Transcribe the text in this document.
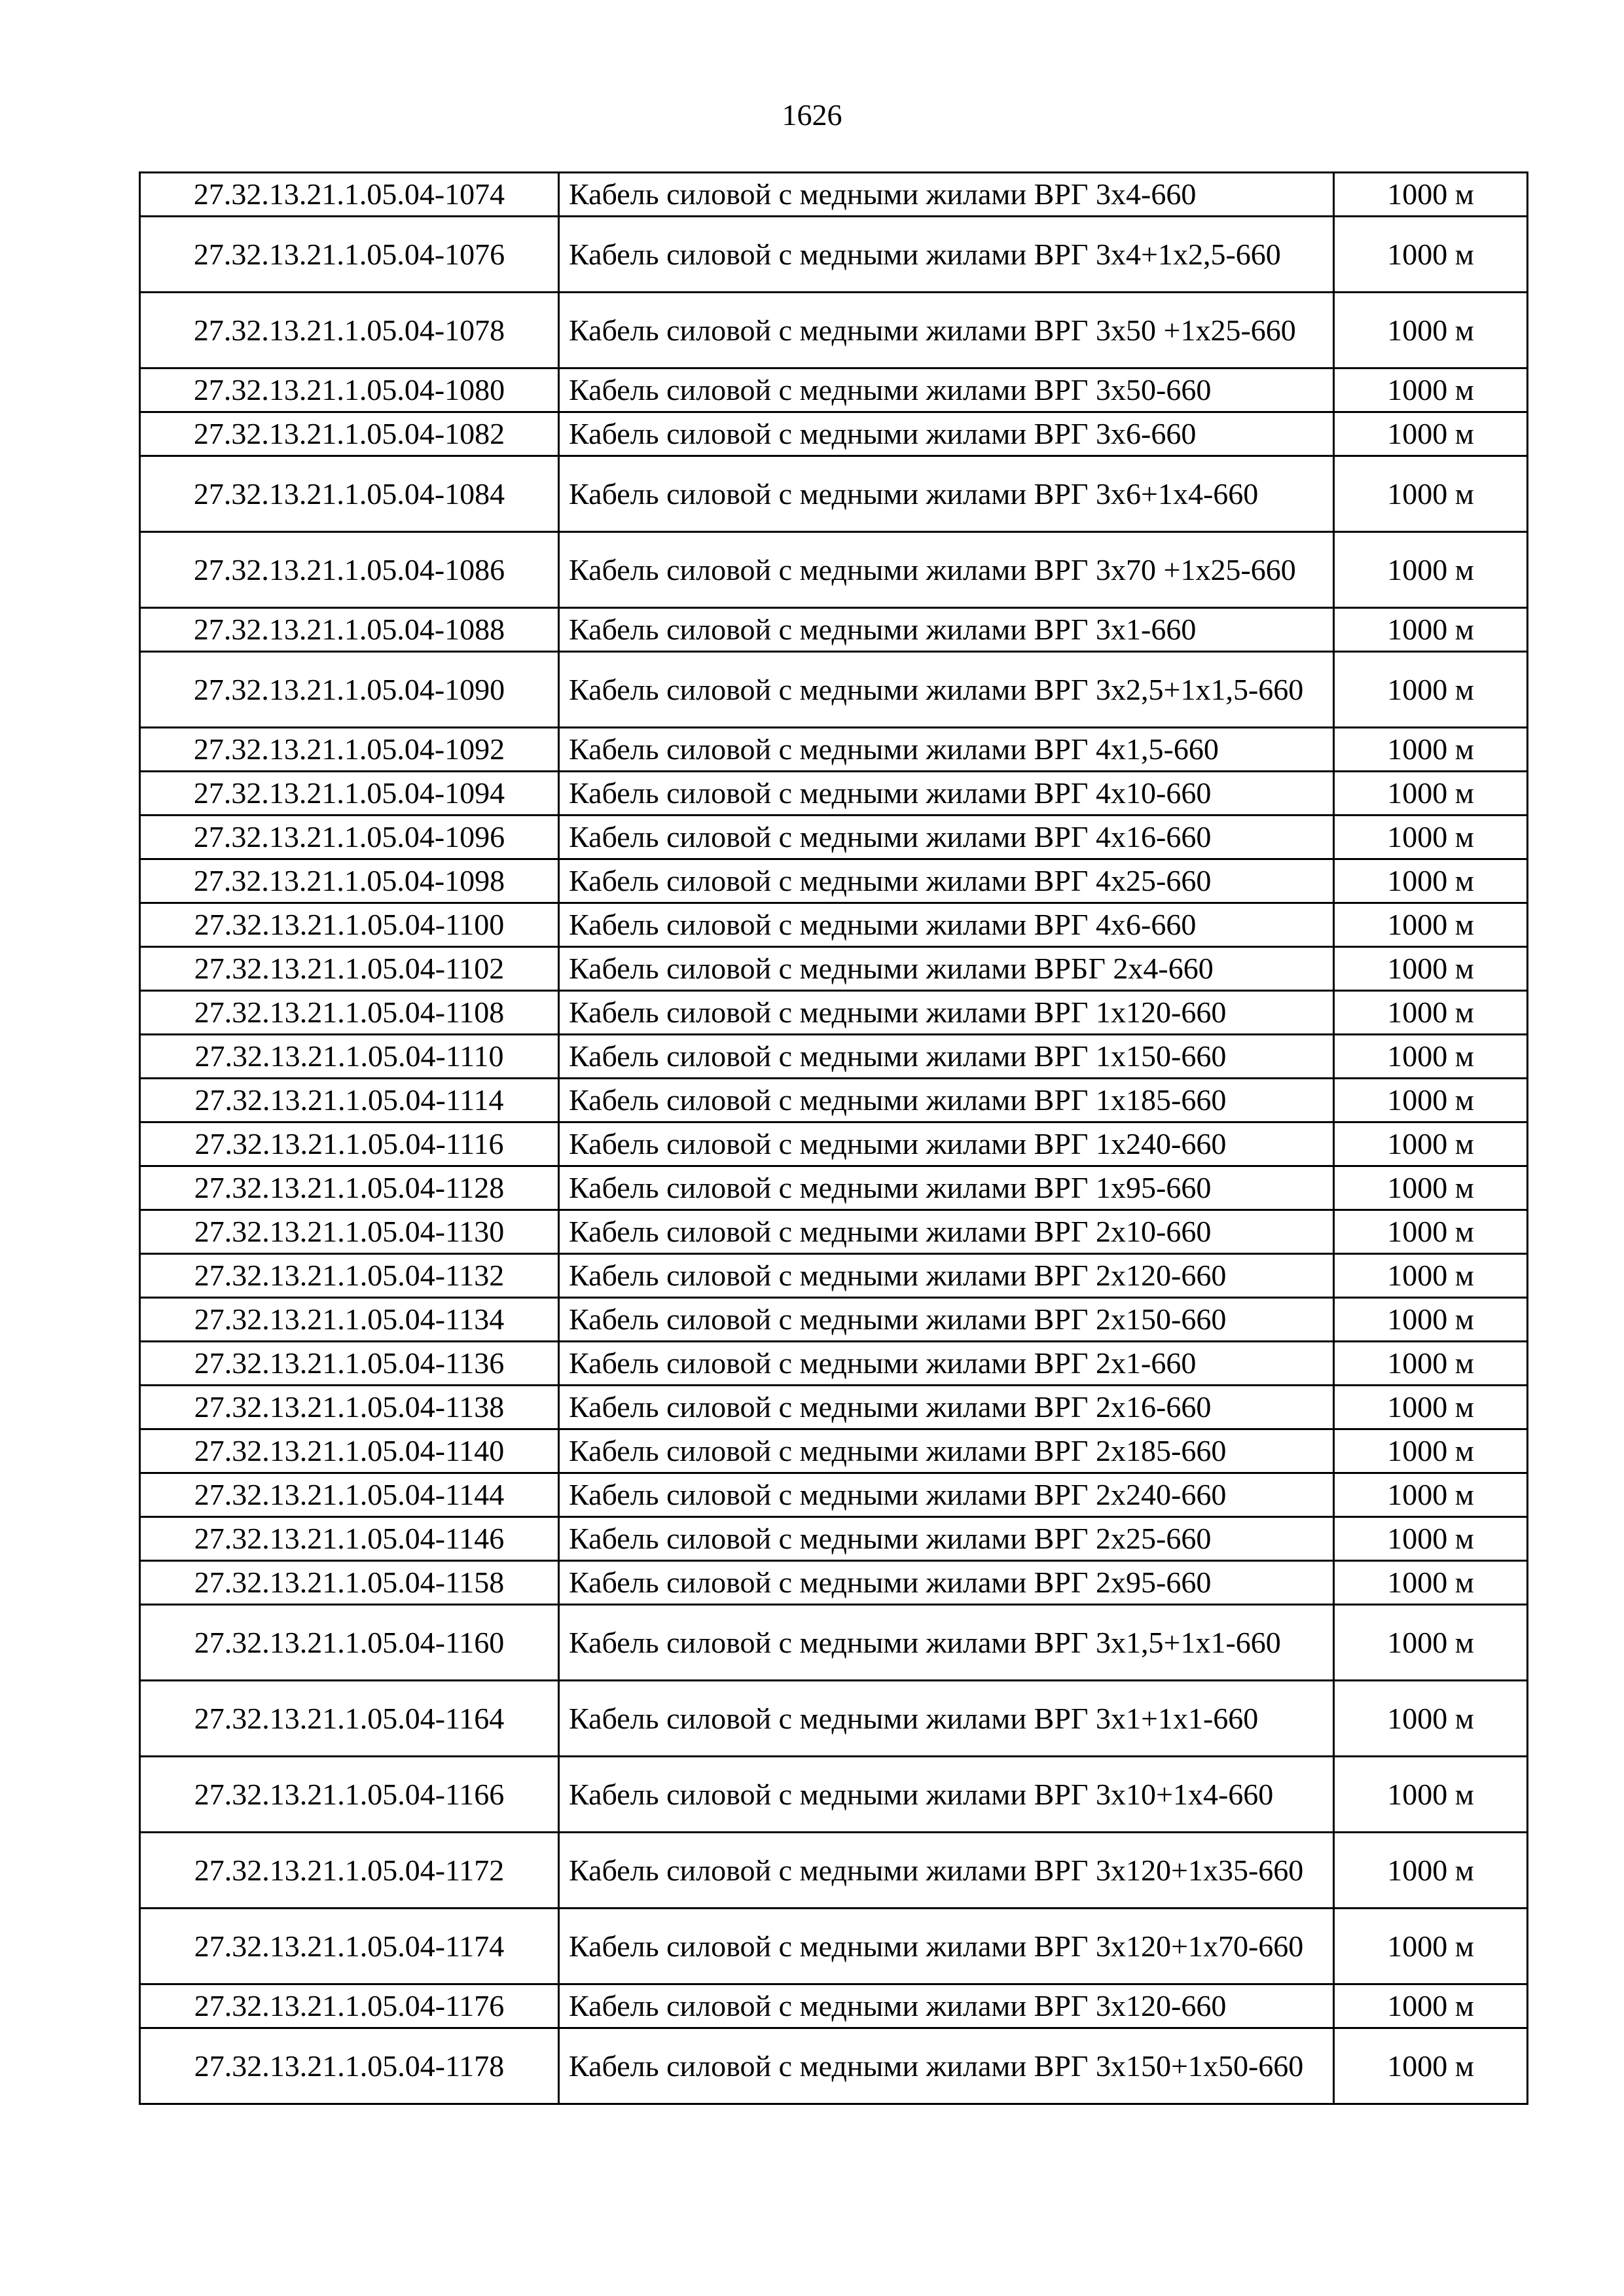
1626
27.32.13.21.1.05.04-1074	Кабель силовой с медными жилами ВРГ 3х4-660	1000 м
27.32.13.21.1.05.04-1076	Кабель силовой с медными жилами ВРГ 3х4+1х2,5-660	1000 м
27.32.13.21.1.05.04-1078	Кабель силовой с медными жилами ВРГ 3х50 +1х25-660	1000 м
27.32.13.21.1.05.04-1080	Кабель силовой с медными жилами ВРГ 3х50-660	1000 м
27.32.13.21.1.05.04-1082	Кабель силовой с медными жилами ВРГ 3х6-660	1000 м
27.32.13.21.1.05.04-1084	Кабель силовой с медными жилами ВРГ 3х6+1х4-660	1000 м
27.32.13.21.1.05.04-1086	Кабель силовой с медными жилами ВРГ 3х70 +1х25-660	1000 м
27.32.13.21.1.05.04-1088	Кабель силовой с медными жилами ВРГ 3х1-660	1000 м
27.32.13.21.1.05.04-1090	Кабель силовой с медными жилами ВРГ 3х2,5+1х1,5-660	1000 м
27.32.13.21.1.05.04-1092	Кабель силовой с медными жилами ВРГ 4х1,5-660	1000 м
27.32.13.21.1.05.04-1094	Кабель силовой с медными жилами ВРГ 4х10-660	1000 м
27.32.13.21.1.05.04-1096	Кабель силовой с медными жилами ВРГ 4х16-660	1000 м
27.32.13.21.1.05.04-1098	Кабель силовой с медными жилами ВРГ 4х25-660	1000 м
27.32.13.21.1.05.04-1100	Кабель силовой с медными жилами ВРГ 4х6-660	1000 м
27.32.13.21.1.05.04-1102	Кабель силовой с медными жилами ВРБГ 2х4-660	1000 м
27.32.13.21.1.05.04-1108	Кабель силовой с медными жилами ВРГ 1х120-660	1000 м
27.32.13.21.1.05.04-1110	Кабель силовой с медными жилами ВРГ 1х150-660	1000 м
27.32.13.21.1.05.04-1114	Кабель силовой с медными жилами ВРГ 1х185-660	1000 м
27.32.13.21.1.05.04-1116	Кабель силовой с медными жилами ВРГ 1х240-660	1000 м
27.32.13.21.1.05.04-1128	Кабель силовой с медными жилами ВРГ 1х95-660	1000 м
27.32.13.21.1.05.04-1130	Кабель силовой с медными жилами ВРГ 2х10-660	1000 м
27.32.13.21.1.05.04-1132	Кабель силовой с медными жилами ВРГ 2х120-660	1000 м
27.32.13.21.1.05.04-1134	Кабель силовой с медными жилами ВРГ 2х150-660	1000 м
27.32.13.21.1.05.04-1136	Кабель силовой с медными жилами ВРГ 2х1-660	1000 м
27.32.13.21.1.05.04-1138	Кабель силовой с медными жилами ВРГ 2х16-660	1000 м
27.32.13.21.1.05.04-1140	Кабель силовой с медными жилами ВРГ 2х185-660	1000 м
27.32.13.21.1.05.04-1144	Кабель силовой с медными жилами ВРГ 2х240-660	1000 м
27.32.13.21.1.05.04-1146	Кабель силовой с медными жилами ВРГ 2х25-660	1000 м
27.32.13.21.1.05.04-1158	Кабель силовой с медными жилами ВРГ 2х95-660	1000 м
27.32.13.21.1.05.04-1160	Кабель силовой с медными жилами ВРГ 3х1,5+1х1-660	1000 м
27.32.13.21.1.05.04-1164	Кабель силовой с медными жилами ВРГ 3х1+1х1-660	1000 м
27.32.13.21.1.05.04-1166	Кабель силовой с медными жилами ВРГ 3х10+1х4-660	1000 м
27.32.13.21.1.05.04-1172	Кабель силовой с медными жилами ВРГ 3х120+1х35-660	1000 м
27.32.13.21.1.05.04-1174	Кабель силовой с медными жилами ВРГ 3х120+1х70-660	1000 м
27.32.13.21.1.05.04-1176	Кабель силовой с медными жилами ВРГ 3х120-660	1000 м
27.32.13.21.1.05.04-1178	Кабель силовой с медными жилами ВРГ 3х150+1х50-660	1000 м
